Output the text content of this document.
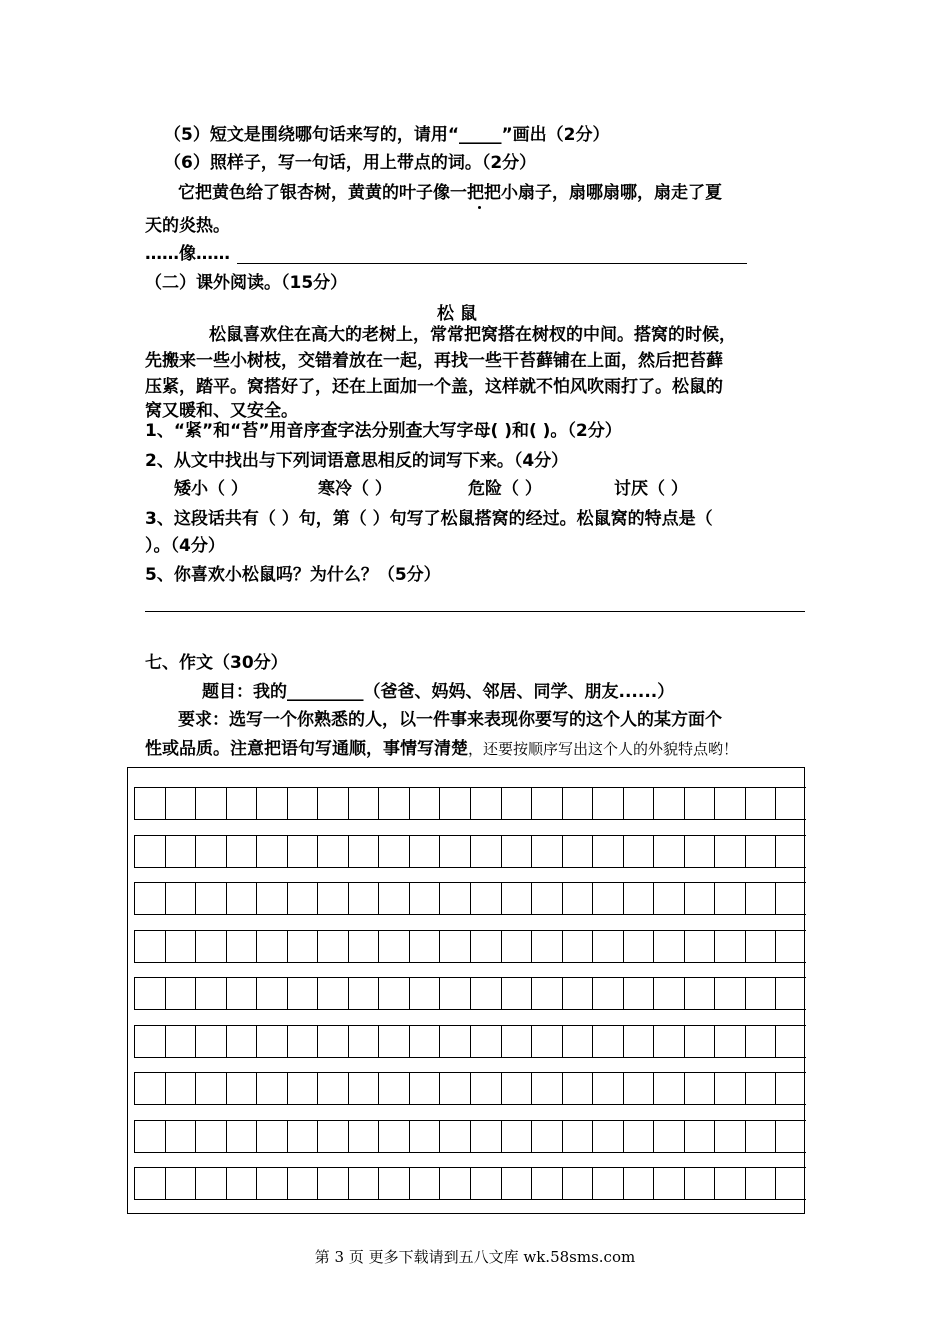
（5）短文是围绕哪句话来写的，请用“_____”画出（2分）
（6）照样子，写一句话，用上带点的词。（2分）
它把黄色给了银杏树，黄黄的叶子像一把把小扇子，扇哪扇哪，扇走了夏
天的炎热。
……像……
（二）课外阅读。（15分）
松 鼠
松鼠喜欢住在高大的老树上，常常把窝搭在树杈的中间。搭窝的时候，
先搬来一些小树枝，交错着放在一起，再找一些干苔藓铺在上面，然后把苔藓
压紧，踏平。窝搭好了，还在上面加一个盖，这样就不怕风吹雨打了。松鼠的
窝又暖和、又安全。
1、“紧”和“苔”用音序查字法分别查大写字母( )和( )。（2分）
2、从文中找出与下列词语意思相反的词写下来。（4分）
矮小（ ）	寒冷（ ）	危险（ ）	讨厌（ ）
3、这段话共有（ ）句，第（ ）句写了松鼠搭窝的经过。松鼠窝的特点是（
）。（4分）
5、你喜欢小松鼠吗？为什么？（5分）
七、作文（30分）
题目：我的_________（爸爸、妈妈、邻居、同学、朋友......）
要求：选写一个你熟悉的人，以一件事来表现你要写的这个人的某方面个
性或品质。注意把语句写通顺，事情写清楚，还要按顺序写出这个人的外貌特点哟！
第 3 页 更多下载请到五八文库 wk.58sms.com
